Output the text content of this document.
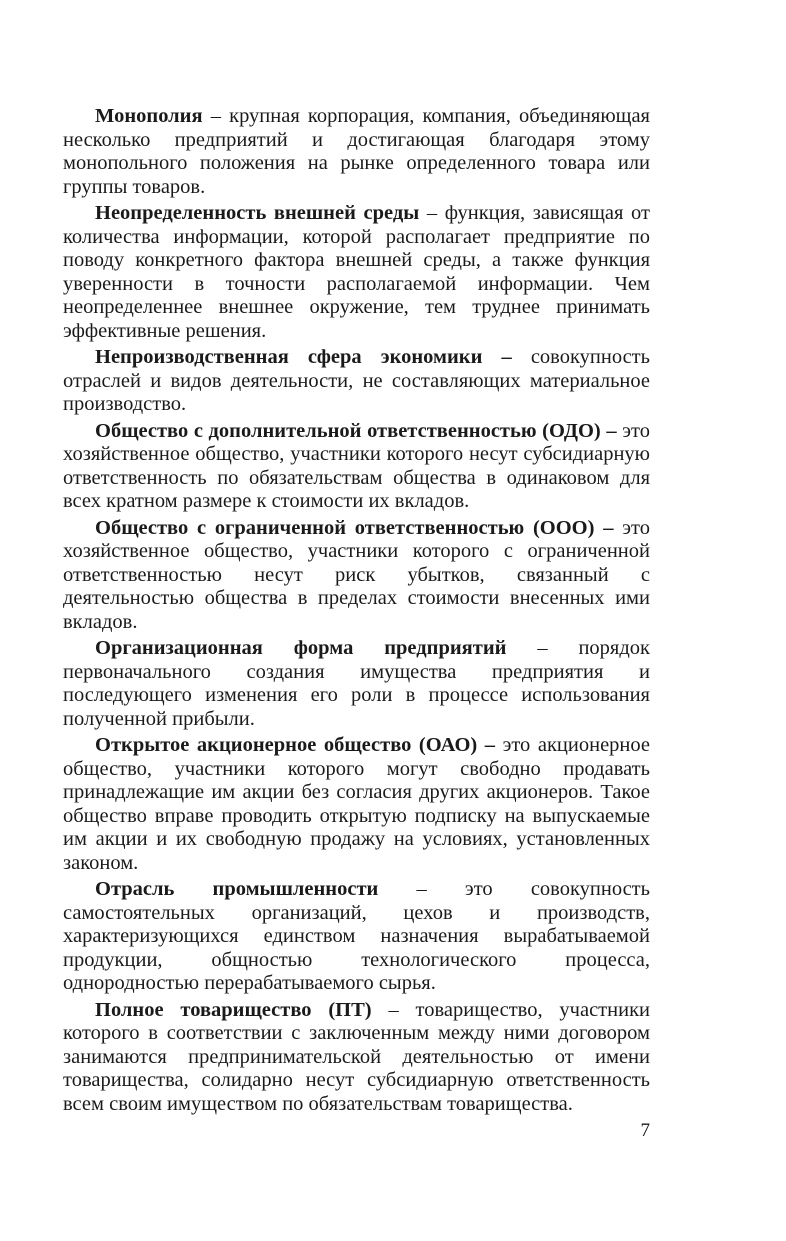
Монополия – крупная корпорация, компания, объединяющая несколько предприятий и достигающая благодаря этому монопольного положения на рынке определенного товара или группы товаров.

Неопределенность внешней среды – функция, зависящая от количества информации, которой располагает предприятие по поводу конкретного фактора внешней среды, а также функция уверенности в точности располагаемой информации. Чем неопределеннее внешнее окружение, тем труднее принимать эффективные решения.

Непроизводственная сфера экономики – совокупность отраслей и видов деятельности, не составляющих материальное производство.

Общество с дополнительной ответственностью (ОДО) – это хозяйственное общество, участники которого несут субсидиарную ответственность по обязательствам общества в одинаковом для всех кратном размере к стоимости их вкладов.

Общество с ограниченной ответственностью (ООО) – это хозяйственное общество, участники которого с ограниченной ответственностью несут риск убытков, связанный с деятельностью общества в пределах стоимости внесенных ими вкладов.

Организационная форма предприятий – порядок первоначального создания имущества предприятия и последующего изменения его роли в процессе использования полученной прибыли.

Открытое акционерное общество (ОАО) – это акционерное общество, участники которого могут свободно продавать принадлежащие им акции без согласия других акционеров. Такое общество вправе проводить открытую подписку на выпускаемые им акции и их свободную продажу на условиях, установленных законом.

Отрасль промышленности – это совокупность самостоятельных организаций, цехов и производств, характеризующихся единством назначения вырабатываемой продукции, общностью технологического процесса, однородностью перерабатываемого сырья.

Полное товарищество (ПТ) – товарищество, участники которого в соответствии с заключенным между ними договором занимаются предпринимательской деятельностью от имени товарищества, солидарно несут субсидиарную ответственность всем своим имуществом по обязательствам товарищества.

7
